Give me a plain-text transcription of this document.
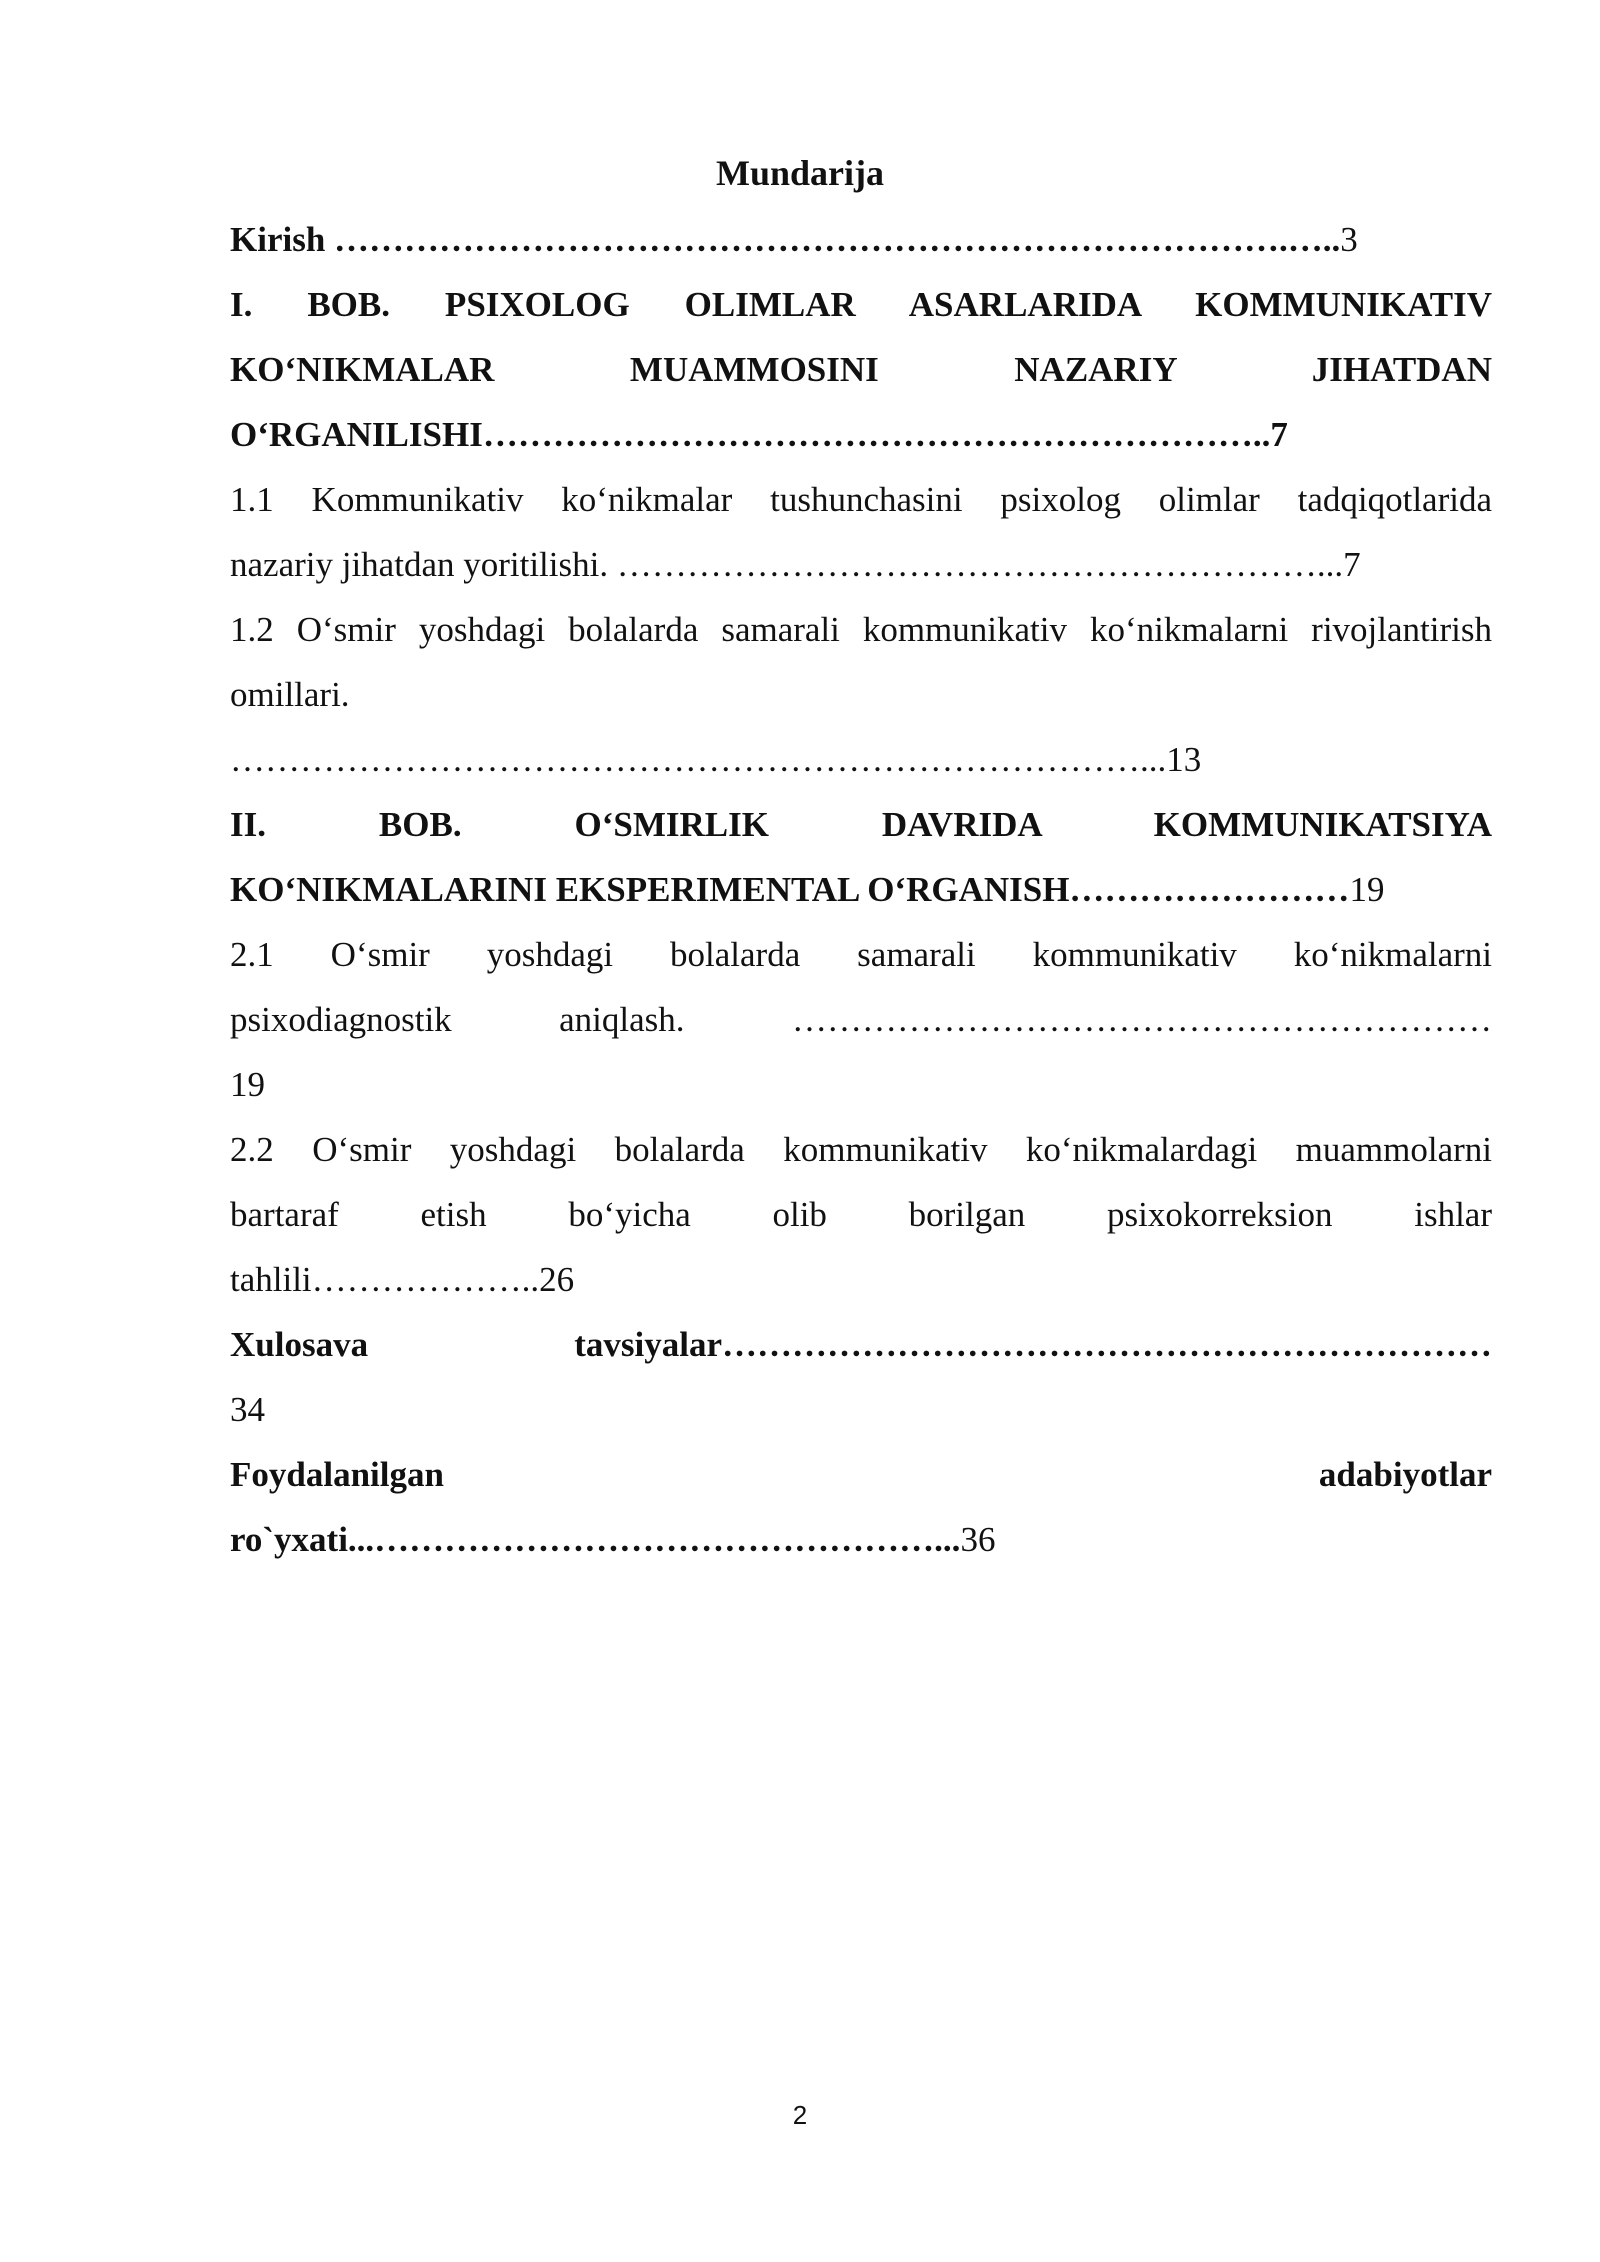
Mundarija
Kirish ……………………………………………………………………….…..3
I. BOB. PSIXOLOG OLIMLAR ASARLARIDA KOMMUNIKATIV
KO‘NIKMALAR MUAMMOSINI NAZARIY JIHATDAN
O‘RGANILISHI…………………………………………………………..7
1.1 Kommunikativ ko‘nikmalar tushunchasini psixolog olimlar tadqiqotlarida
nazariy jihatdan yoritilishi. ……………………………………………………...7
1.2 O‘smir yoshdagi bolalarda samarali kommunikativ ko‘nikmalarni rivojlantirish
omillari.
……………………………………………………………………...13
II. BOB. O‘SMIRLIK DAVRIDA KOMMUNIKATSIYA
KO‘NIKMALARINI EKSPERIMENTAL O‘RGANISH……………………19
2.1 O‘smir yoshdagi bolalarda samarali kommunikativ ko‘nikmalarni
psixodiagnostik aniqlash. ……………………………………………………
19
2.2 O‘smir yoshdagi bolalarda kommunikativ ko‘nikmalardagi muammolarni
bartaraf etish bo‘yicha olib borilgan psixokorreksion ishlar
tahlili………………..26
Xulosava tavsiyalar…………………………………………………………
34
Foydalanilgan adabiyotlar
ro`yxati...…………………………………………...36
2
